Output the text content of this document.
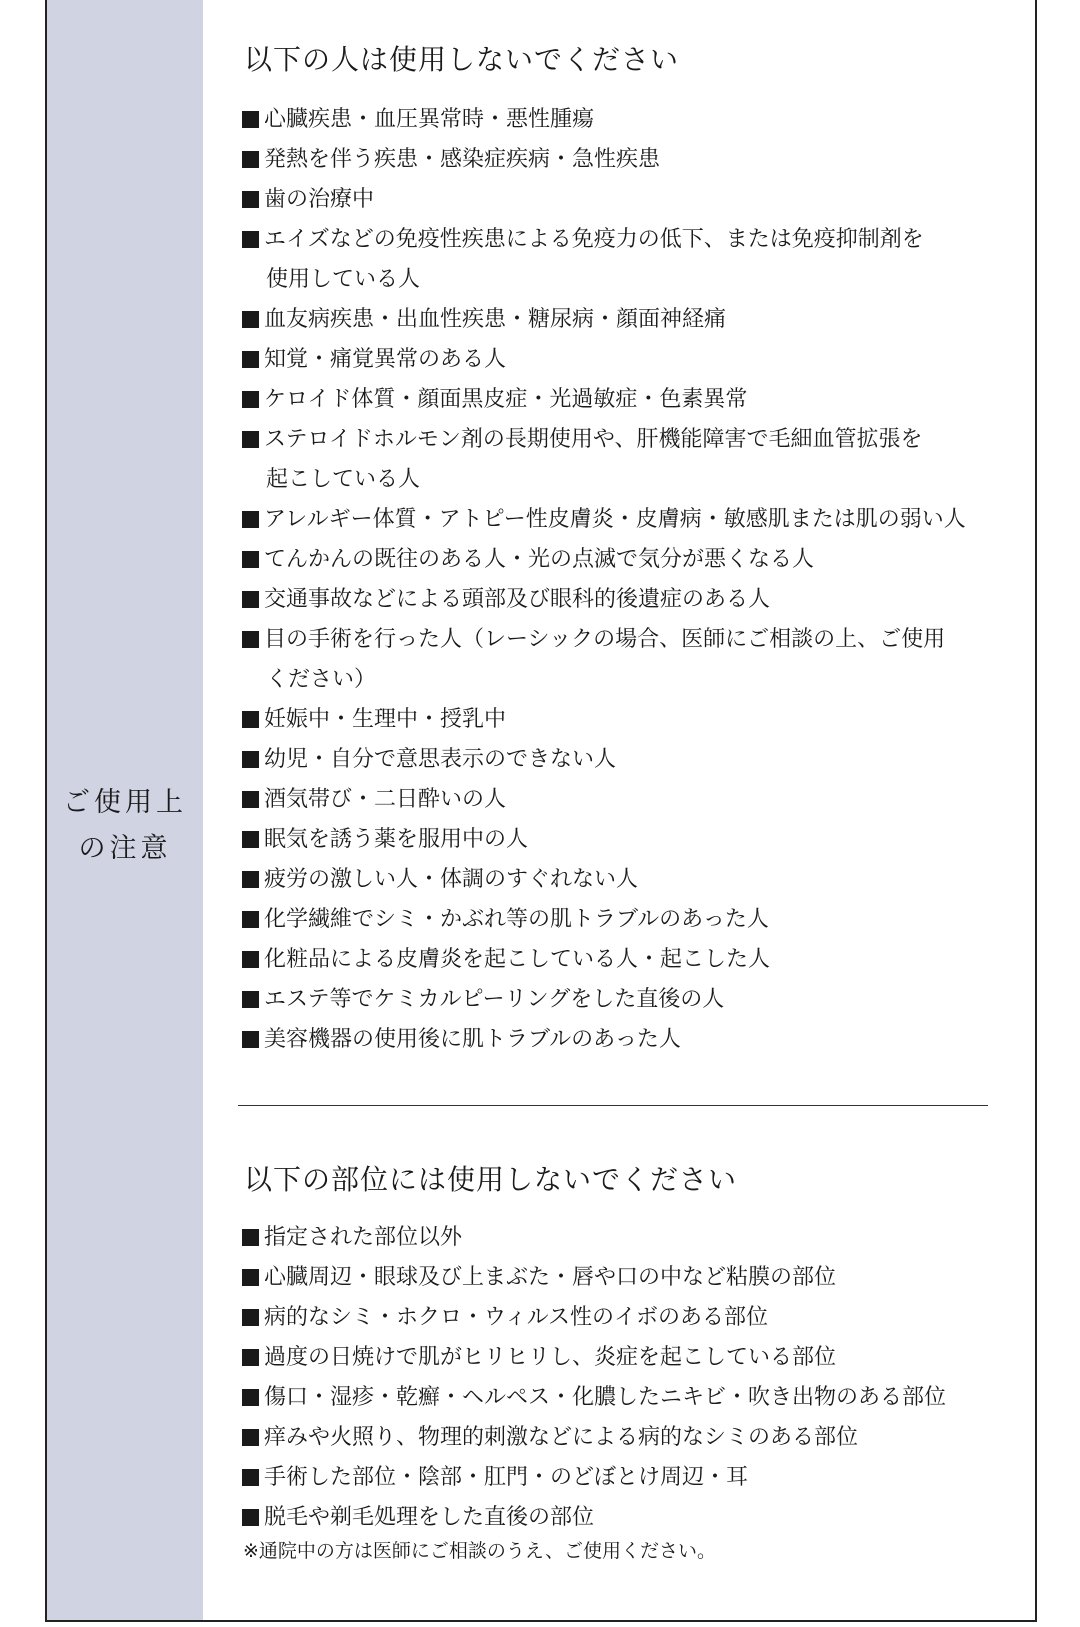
ご使用上
の注意
以下の人は使用しないでください
心臓疾患・血圧異常時・悪性腫瘍
発熱を伴う疾患・感染症疾病・急性疾患
歯の治療中
エイズなどの免疫性疾患による免疫力の低下、または免疫抑制剤を
使用している人
血友病疾患・出血性疾患・糖尿病・顔面神経痛
知覚・痛覚異常のある人
ケロイド体質・顔面黒皮症・光過敏症・色素異常
ステロイドホルモン剤の長期使用や、肝機能障害で毛細血管拡張を
起こしている人
アレルギー体質・アトピー性皮膚炎・皮膚病・敏感肌または肌の弱い人
てんかんの既往のある人・光の点滅で気分が悪くなる人
交通事故などによる頭部及び眼科的後遺症のある人
目の手術を行った人（レーシックの場合、医師にご相談の上、ご使用
ください）
妊娠中・生理中・授乳中
幼児・自分で意思表示のできない人
酒気帯び・二日酔いの人
眠気を誘う薬を服用中の人
疲労の激しい人・体調のすぐれない人
化学繊維でシミ・かぶれ等の肌トラブルのあった人
化粧品による皮膚炎を起こしている人・起こした人
エステ等でケミカルピーリングをした直後の人
美容機器の使用後に肌トラブルのあった人
以下の部位には使用しないでください
指定された部位以外
心臓周辺・眼球及び上まぶた・唇や口の中など粘膜の部位
病的なシミ・ホクロ・ウィルス性のイボのある部位
過度の日焼けで肌がヒリヒリし、炎症を起こしている部位
傷口・湿疹・乾癬・ヘルペス・化膿したニキビ・吹き出物のある部位
痒みや火照り、物理的刺激などによる病的なシミのある部位
手術した部位・陰部・肛門・のどぼとけ周辺・耳
脱毛や剃毛処理をした直後の部位
※通院中の方は医師にご相談のうえ、ご使用ください。
